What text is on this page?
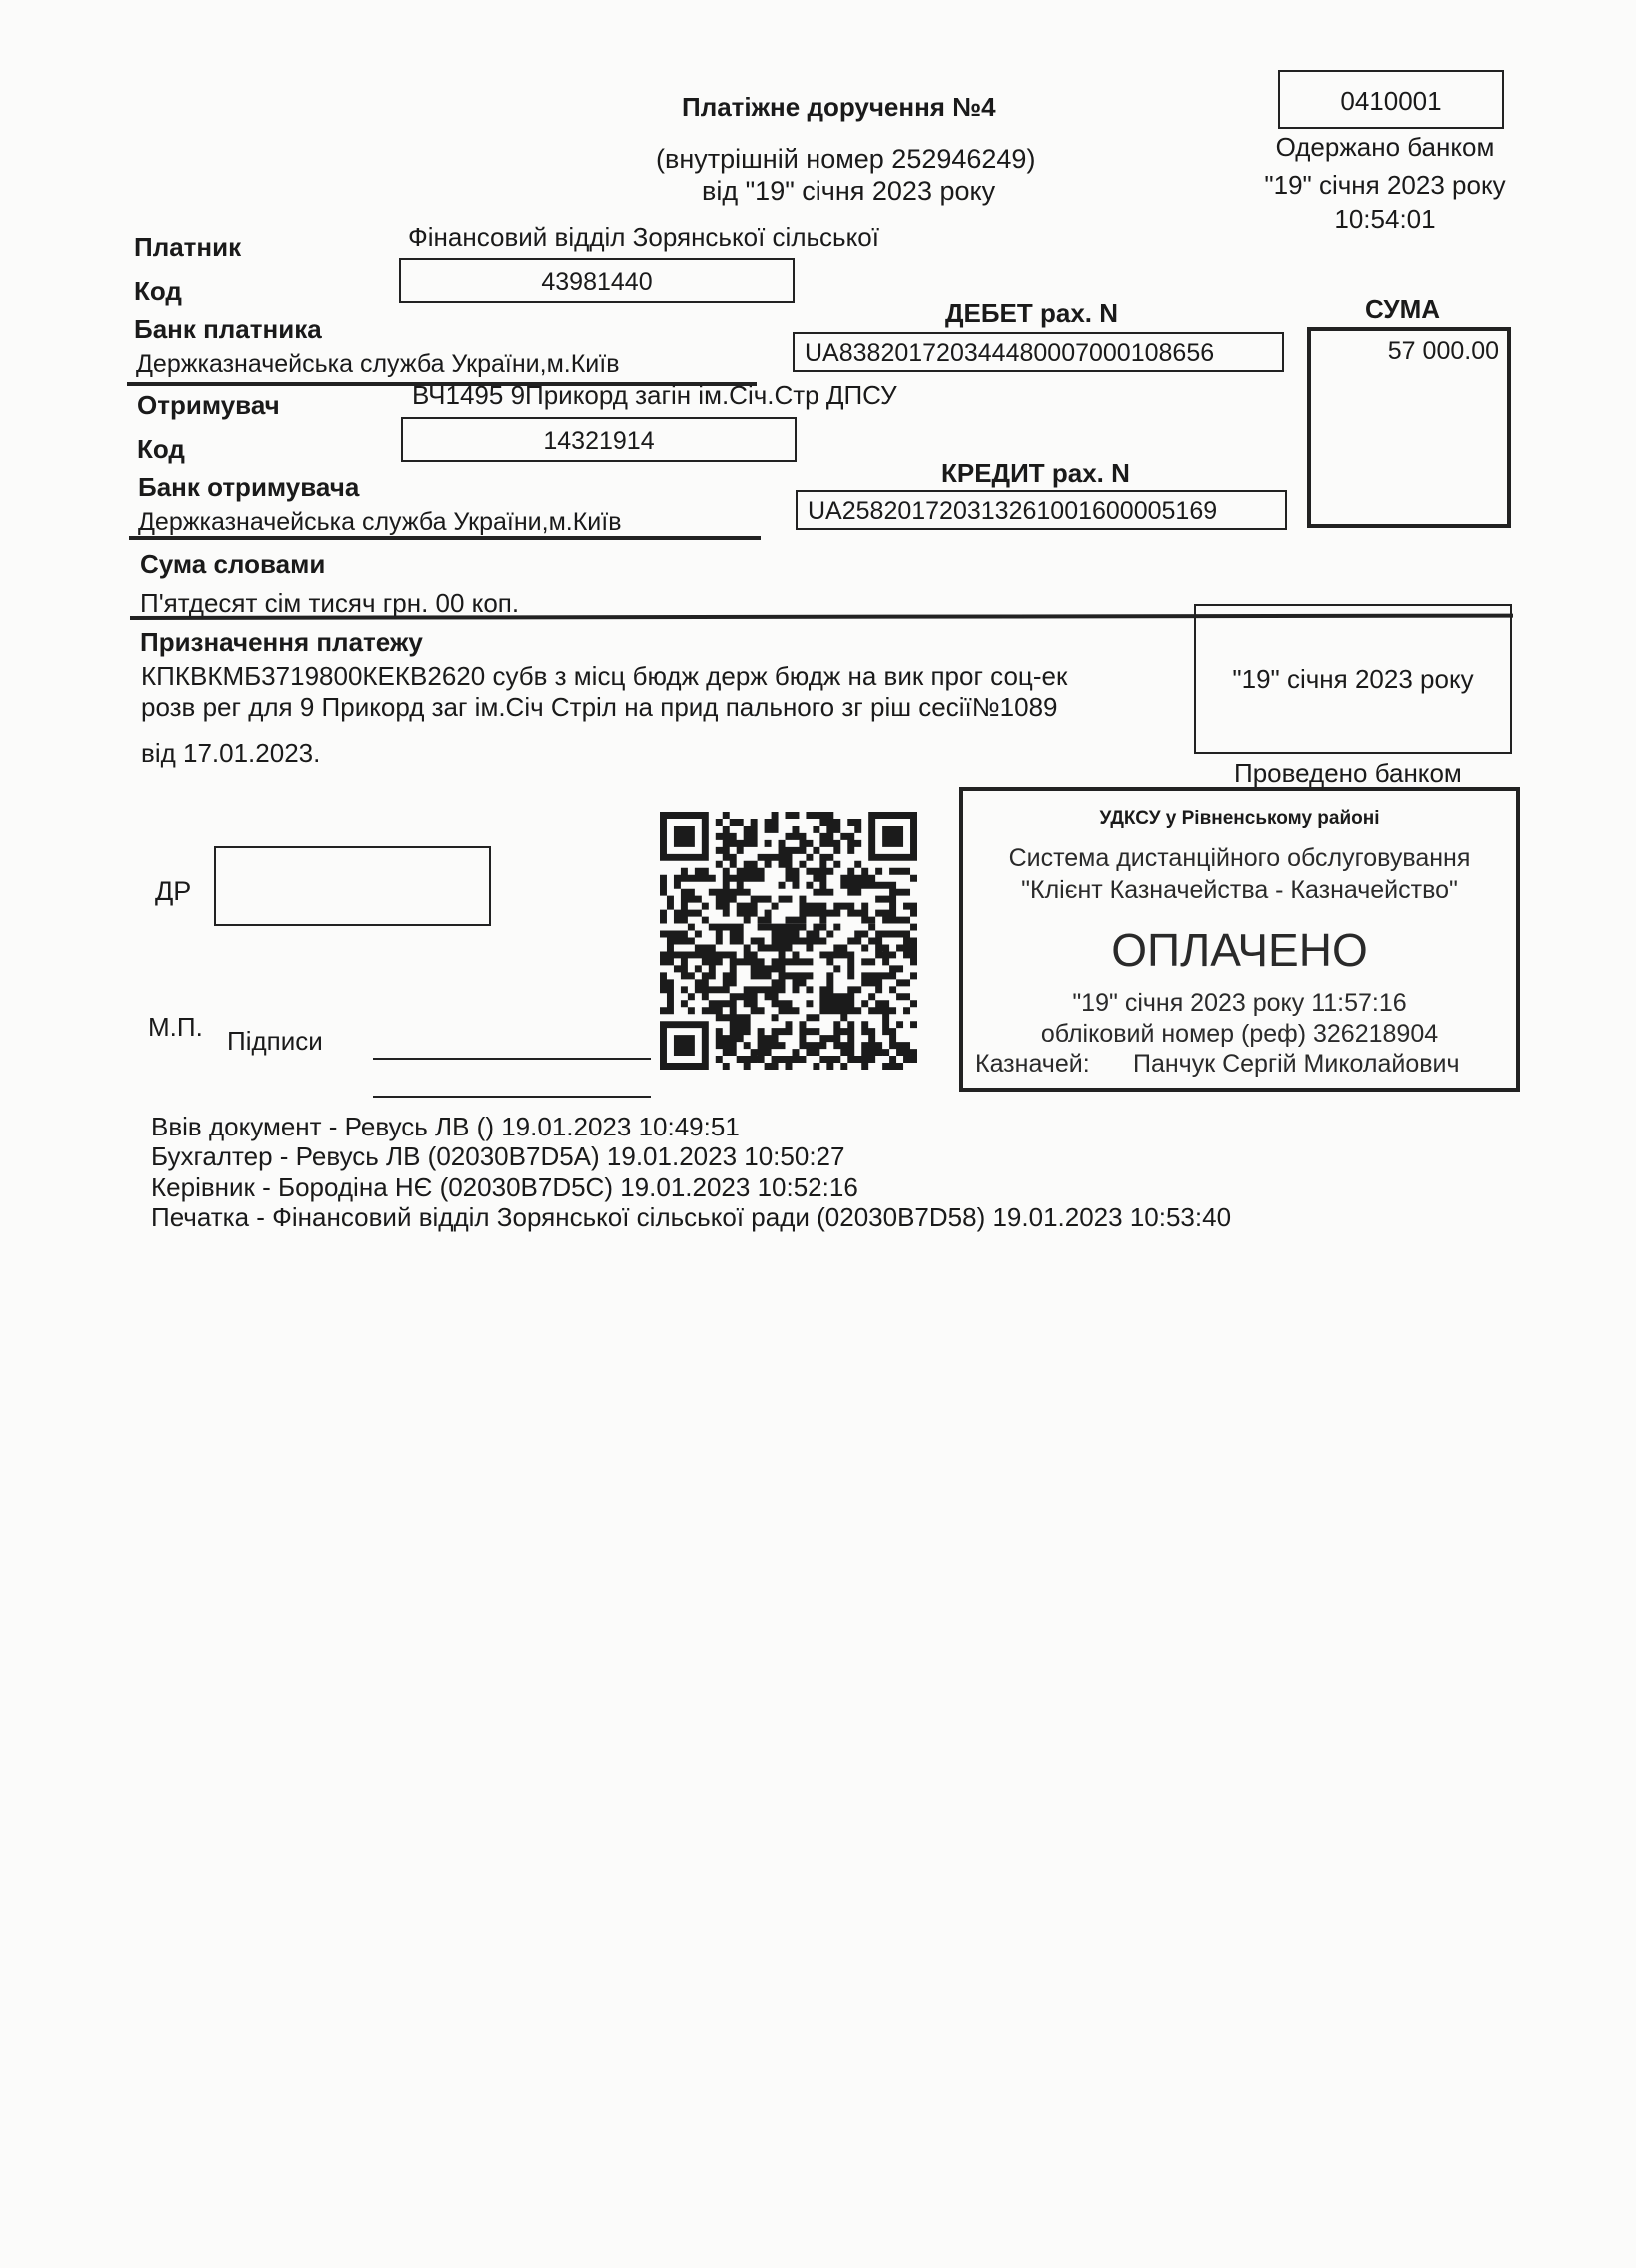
Платіжне доручення №4
(внутрішній номер 252946249)
від "19" січня 2023 року
0410001
Одержано банком
"19" січня 2023 року
10:54:01
Платник	Фінансовий відділ Зорянської сільської
Код	43981440
Банк платника
Держказначейська служба України,м.Київ
ДЕБЕТ рах. N
UA838201720344480007000108656
СУМА
57 000.00
Отримувач	ВЧ1495 9Прикорд загін ім.Січ.Стр ДПСУ
Код	14321914
Банк отримувача
Держказначейська служба України,м.Київ
КРЕДИТ рах. N
UA258201720313261001600005169
Сума словами
П'ятдесят сім тисяч грн. 00 коп.
Призначення платежу
КПКВКМБ3719800КЕКВ2620 субв з місц бюдж держ бюдж на вик прог соц-ек
розв рег для 9 Прикорд заг ім.Січ Стріл на прид пального зг ріш сесії№1089
від 17.01.2023.
"19" січня 2023 року
Проведено банком
ДР
М.П. Підписи
УДКСУ у Рівненському районі
Система дистанційного обслуговування
"Клієнт Казначейства - Казначейство"
ОПЛАЧЕНО
"19" січня 2023 року 11:57:16
обліковий номер (реф) 326218904
Казначей: Панчук Сергій Миколайович
Ввів документ - Ревусь ЛВ () 19.01.2023 10:49:51
Бухгалтер - Ревусь ЛВ (02030B7D5A) 19.01.2023 10:50:27
Керівник - Бородіна НЄ (02030B7D5C) 19.01.2023 10:52:16
Печатка - Фінансовий відділ Зорянської сільської ради (02030B7D58) 19.01.2023 10:53:40
